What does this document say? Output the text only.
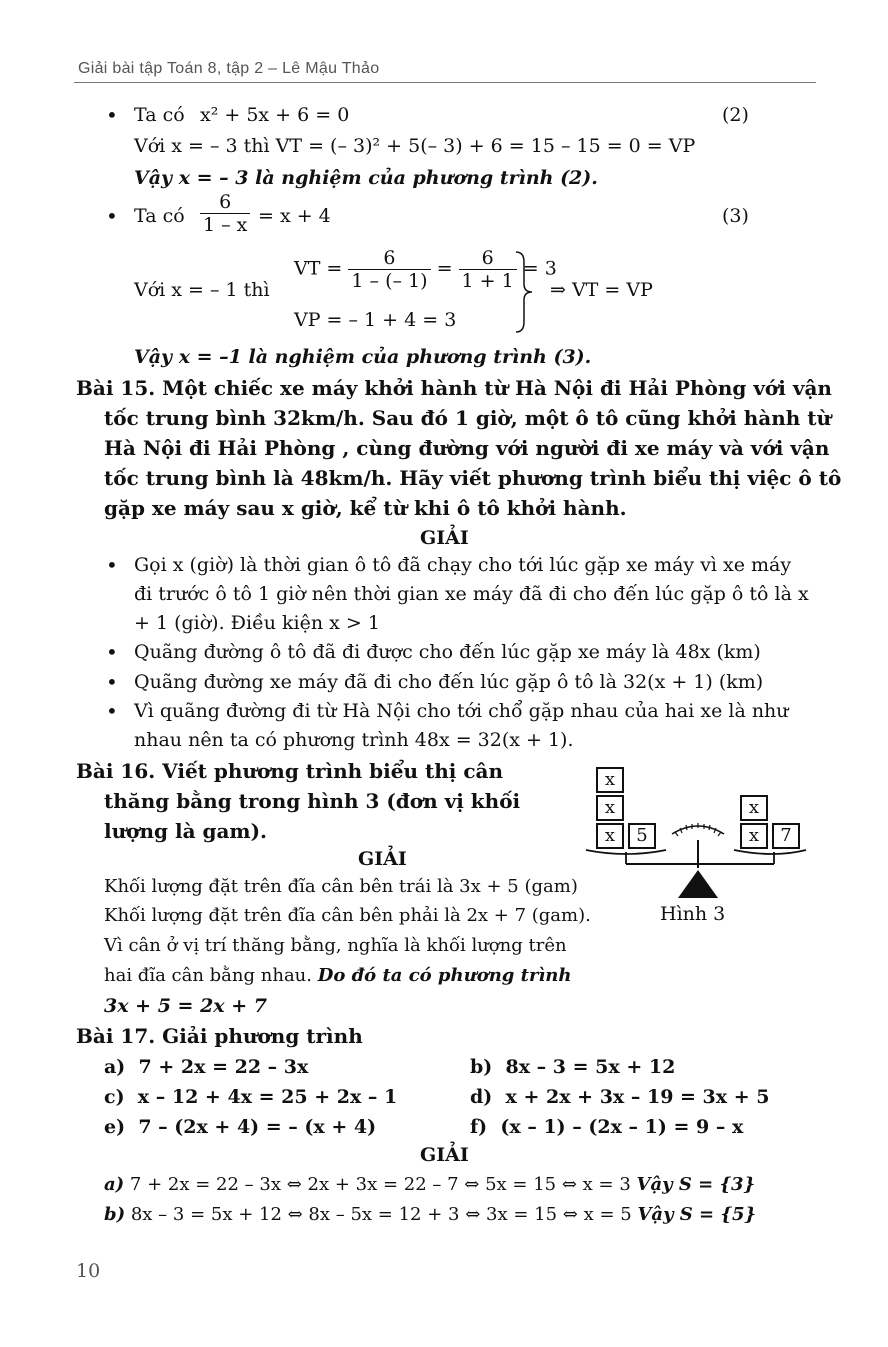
Giải bài tập Toán 8, tập 2 – Lê Mậu Thảo
• Ta có x² + 5x + 6 = 0	(2)
Với x = – 3 thì VT = (– 3)² + 5(– 3) + 6 = 15 – 15 = 0 = VP
Vậy x = – 3 là nghiệm của phương trình (2).
• Ta có $\frac{6}{1 - x} = x + 4$	(3)
Với x = – 1 thì
VT = $\frac{6}{1 - (- 1)} = \frac{6}{1 + 1} = 3$
VP = – 1 + 4 = 3
⇒ VT = VP
Vậy x = –1 là nghiệm của phương trình (3).
Bài 15. Một chiếc xe máy khởi hành từ Hà Nội đi Hải Phòng với vận
tốc trung bình 32km/h. Sau đó 1 giờ, một ô tô cũng khởi hành từ
Hà Nội đi Hải Phòng , cùng đường với người đi xe máy và với vận
tốc trung bình là 48km/h. Hãy viết phương trình biểu thị việc ô tô
gặp xe máy sau x giờ, kể từ khi ô tô khởi hành.
GIẢI
• Gọi x (giờ) là thời gian ô tô đã chạy cho tới lúc gặp xe máy vì xe máy
đi trước ô tô 1 giờ nên thời gian xe máy đã đi cho đến lúc gặp ô tô là x
+ 1 (giờ). Điều kiện x > 1
• Quãng đường ô tô đã đi được cho đến lúc gặp xe máy là 48x (km)
• Quãng đường xe máy đã đi cho đến lúc gặp ô tô là 32(x + 1) (km)
• Vì quãng đường đi từ Hà Nội cho tới chổ gặp nhau của hai xe là như
nhau nên ta có phương trình 48x = 32(x + 1).
Bài 16. Viết phương trình biểu thị cân
thăng bằng trong hình 3 (đơn vị khối
lượng là gam).
GIẢI
Khối lượng đặt trên đĩa cân bên trái là 3x + 5 (gam)
Khối lượng đặt trên đĩa cân bên phải là 2x + 7 (gam).
Vì cân ở vị trí thăng bằng, nghĩa là khối lượng trên
hai đĩa cân bằng nhau. Do đó ta có phương trình
3x + 5 = 2x + 7
x
x
x	5
x
x	7
Hình 3
Bài 17. Giải phương trình
a) 7 + 2x = 22 – 3x	b) 8x – 3 = 5x + 12
c) x – 12 + 4x = 25 + 2x – 1	d) x + 2x + 3x – 19 = 3x + 5
e) 7 – (2x + 4) = – (x + 4)	f) (x – 1) – (2x – 1) = 9 – x
GIẢI
a) 7 + 2x = 22 – 3x ⇔ 2x + 3x = 22 – 7 ⇔ 5x = 15 ⇔ x = 3 Vậy S = {3}
b) 8x – 3 = 5x + 12 ⇔ 8x – 5x = 12 + 3 ⇔ 3x = 15 ⇔ x = 5 Vậy S = {5}
10
